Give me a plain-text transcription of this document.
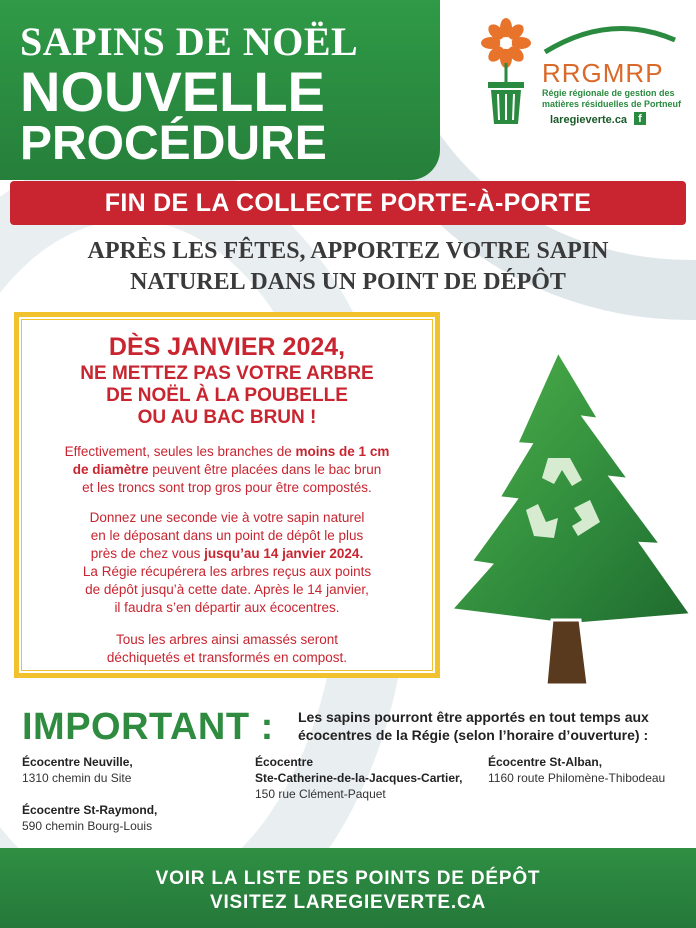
SAPINS DE NOËL
NOUVELLE
PROCÉDURE
RRGMRP
Régie régionale de gestion des
matières résiduelles de Portneuf
laregieverte.ca	f
FIN DE LA COLLECTE PORTE-À-PORTE
APRÈS LES FÊTES, APPORTEZ VOTRE SAPIN
NATUREL DANS UN POINT DE DÉPÔT
DÈS JANVIER 2024,
NE METTEZ PAS VOTRE ARBRE
DE NOËL À LA POUBELLE
OU AU BAC BRUN !
Effectivement, seules les branches de moins de 1 cm
de diamètre peuvent être placées dans le bac brun
et les troncs sont trop gros pour être compostés.
Donnez une seconde vie à votre sapin naturel
en le déposant dans un point de dépôt le plus
près de chez vous jusqu’au 14 janvier 2024.
La Régie récupérera les arbres reçus aux points
de dépôt jusqu’à cette date. Après le 14 janvier,
il faudra s’en départir aux écocentres.
Tous les arbres ainsi amassés seront
déchiquetés et transformés en compost.
IMPORTANT : Les sapins pourront être apportés en tout temps aux
écocentres de la Régie (selon l’horaire d’ouverture) :
Écocentre Neuville,
1310 chemin du Site
Écocentre St-Raymond,
590 chemin Bourg-Louis
Écocentre
Ste-Catherine-de-la-Jacques-Cartier,
150 rue Clément-Paquet
Écocentre St-Alban,
1160 route Philomène-Thibodeau
VOIR LA LISTE DES POINTS DE DÉPÔT
VISITEZ LAREGIEVERTE.CA
